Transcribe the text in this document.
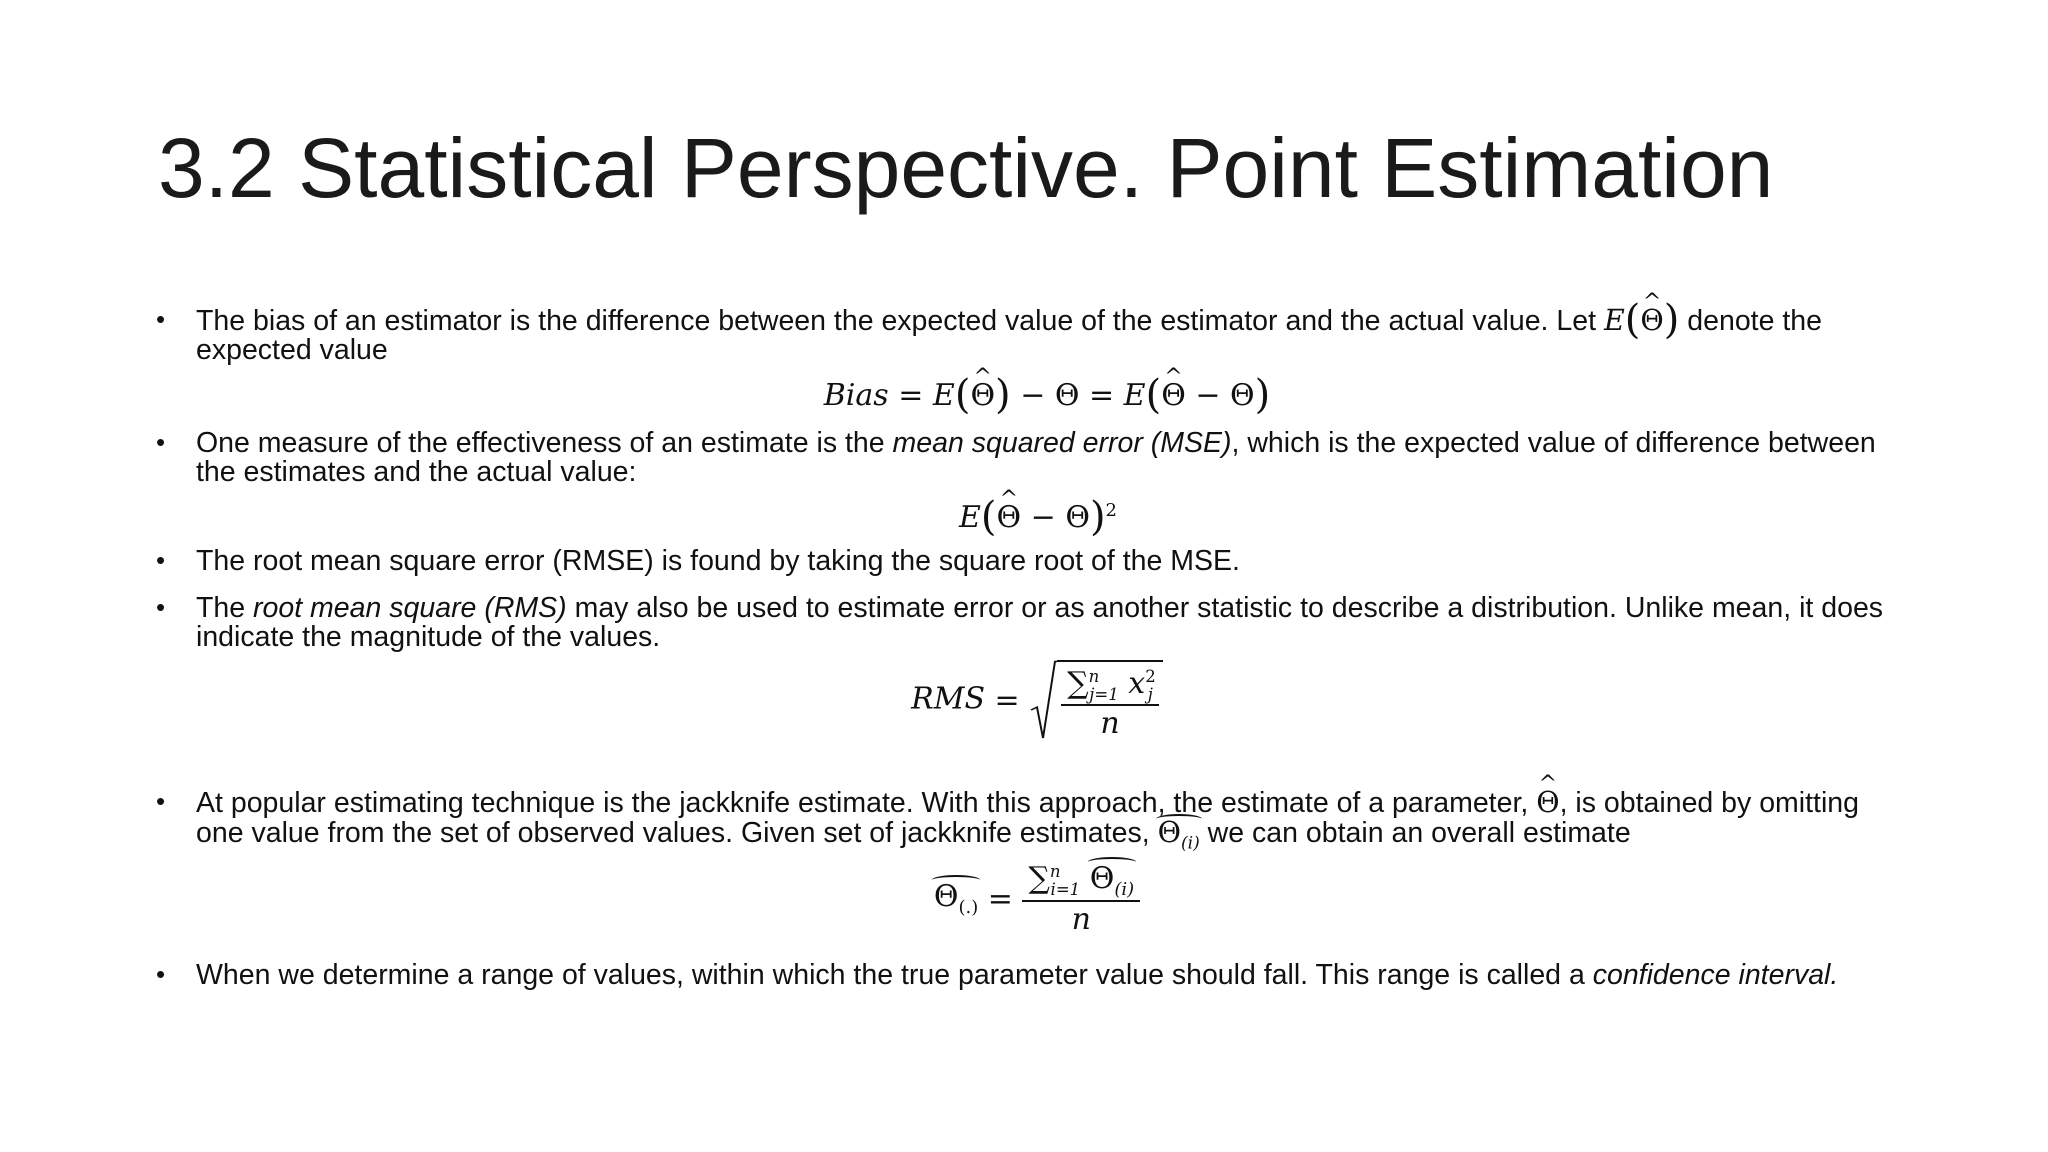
3.2 Statistical Perspective. Point Estimation
• The bias of an estimator is the difference between the expected value of the estimator and the actual value. Let E(^ Θ) denote the expected value
Bias = E(^ Θ) − Θ = E(^ Θ − Θ)
• One measure of the effectiveness of an estimate is the mean squared error (MSE), which is the expected value of difference between the estimates and the actual value:
E(^ Θ − Θ)$^2$
• The root mean square error (RMSE) is found by taking the square root of the MSE.
• The root mean square (RMS) may also be used to estimate error or as another statistic to describe a distribution. Unlike mean, it does indicate the magnitude of the values.
RMS = $\frac{\sum^n_{j=1} x^2_j}{n}$
• At popular estimating technique is the jackknife estimate. With this approach, the estimate of a parameter, ^ Θ, is obtained by omitting one value from the set of observed values. Given set of jackknife estimates, $\Theta_{(i)}$ we can obtain an overall estimate
$\Theta_{(.)} = \frac{\sum^n_{i=1} \Theta_{(i)}}{n}$
• When we determine a range of values, within which the true parameter value should fall. This range is called a confidence interval.
